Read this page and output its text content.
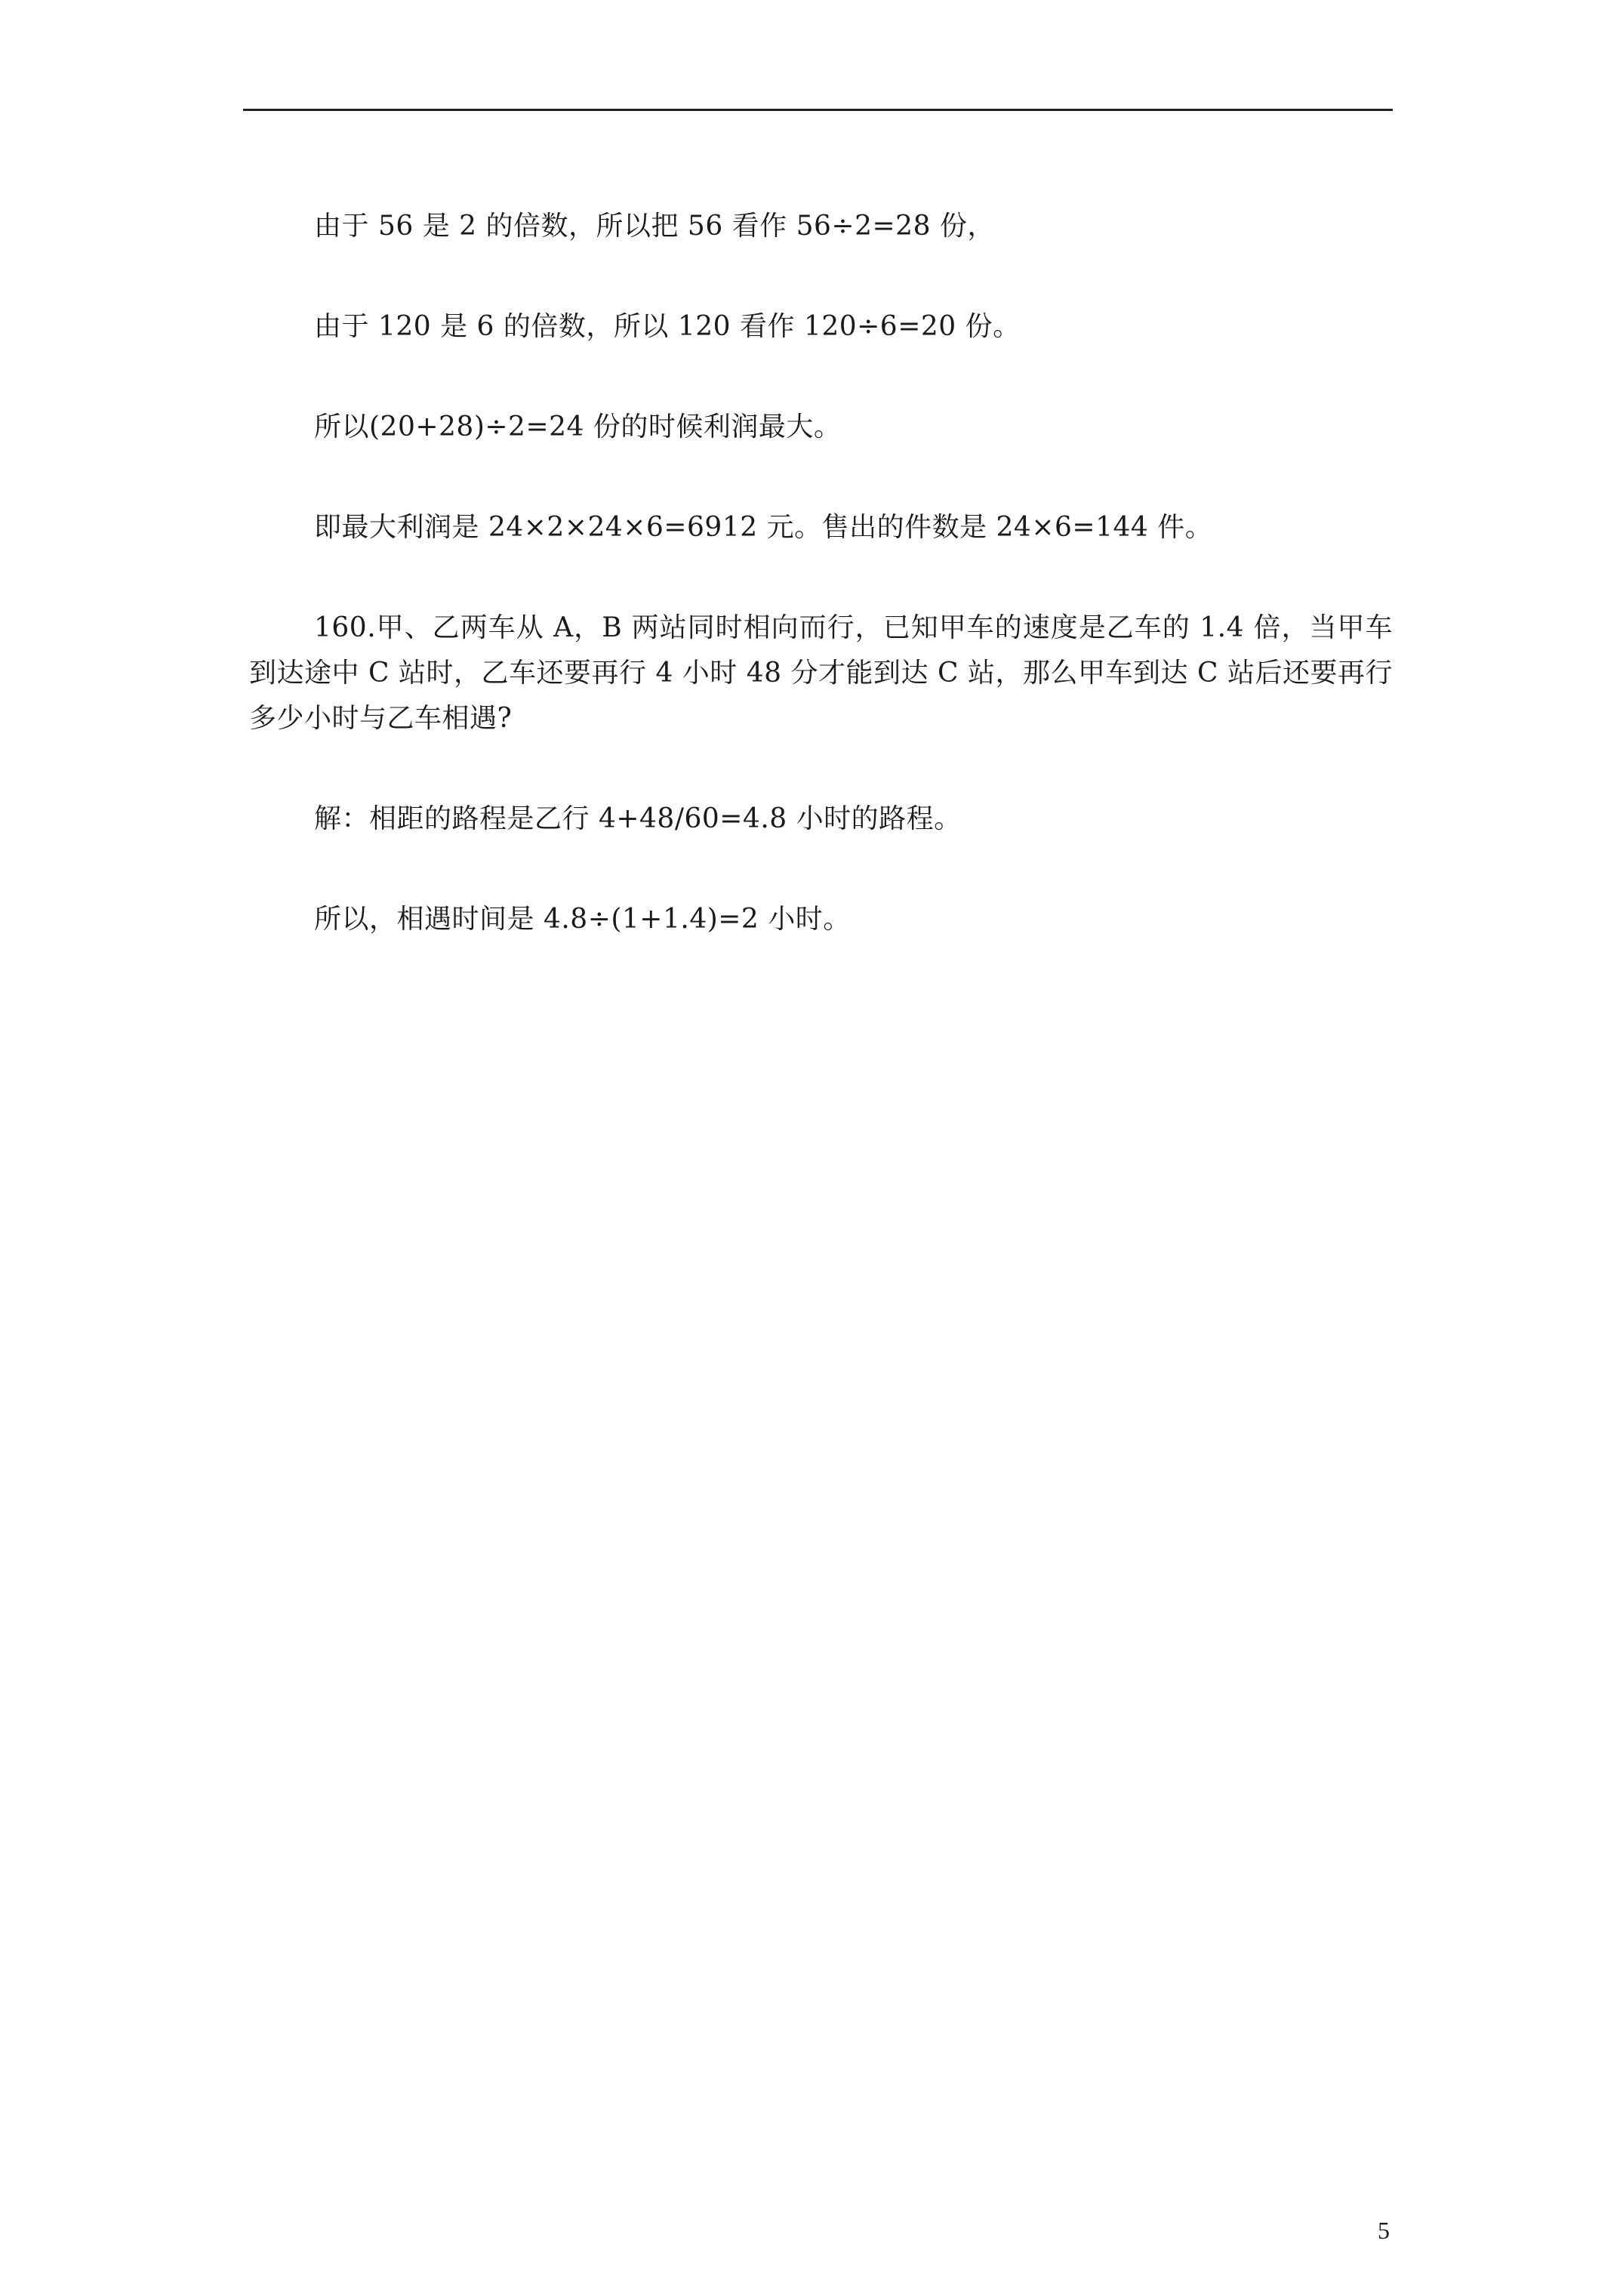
由于 56 是 2 的倍数，所以把 56 看作 56÷2=28 份，

由于 120 是 6 的倍数，所以 120 看作 120÷6=20 份。

所以(20+28)÷2=24 份的时候利润最大。

即最大利润是 24×2×24×6=6912 元。售出的件数是 24×6=144 件。

160.甲、乙两车从 A，B 两站同时相向而行，已知甲车的速度是乙车的 1.4 倍，当甲车到达途中 C 站时，乙车还要再行 4 小时 48 分才能到达 C 站，那么甲车到达 C 站后还要再行多少小时与乙车相遇?

解：相距的路程是乙行 4+48/60=4.8 小时的路程。

所以，相遇时间是 4.8÷(1+1.4)=2 小时。

5
